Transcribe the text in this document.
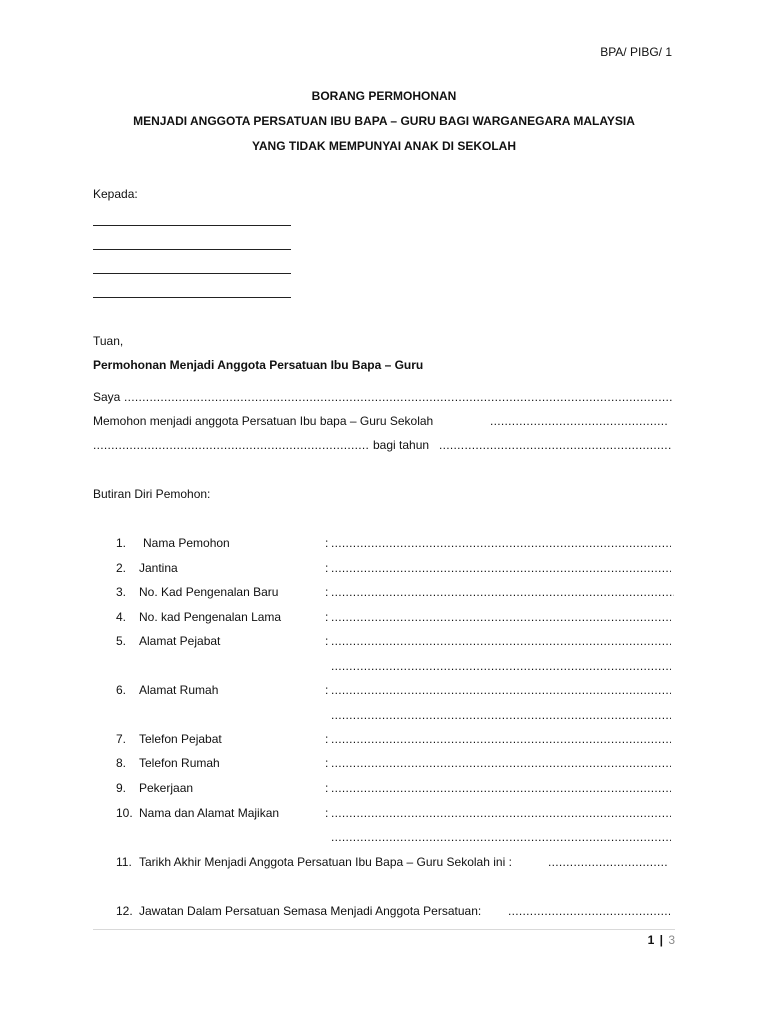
BPA/ PIBG/ 1
BORANG PERMOHONAN
MENJADI ANGGOTA PERSATUAN IBU BAPA – GURU BAGI WARGANEGARA MALAYSIA
YANG TIDAK MEMPUNYAI ANAK DI SEKOLAH
Kepada:
Tuan,
Permohonan Menjadi Anggota Persatuan Ibu Bapa – Guru
Saya
.....
Memohon menjadi anggota Persatuan Ibu bapa – Guru Sekolah
.....
.....
bagi tahun
.....
Butiran Diri Pemohon:
1. Nama Pemohon	:
.....
2. Jantina	:
.....
3. No. Kad Pengenalan Baru	:
.....
4. No. kad Pengenalan Lama	:
.....
5. Alamat Pejabat	:
.....
.....
6. Alamat Rumah	:
.....
.....
7. Telefon Pejabat	:
.....
8. Telefon Rumah	:
.....
9. Pekerjaan	:
.....
10. Nama dan Alamat Majikan	:
.....
.....
11. Tarikh Akhir Menjadi Anggota Persatuan Ibu Bapa – Guru Sekolah ini :
.....
12. Jawatan Dalam Persatuan Semasa Menjadi Anggota Persatuan:
.....
1 | 3
